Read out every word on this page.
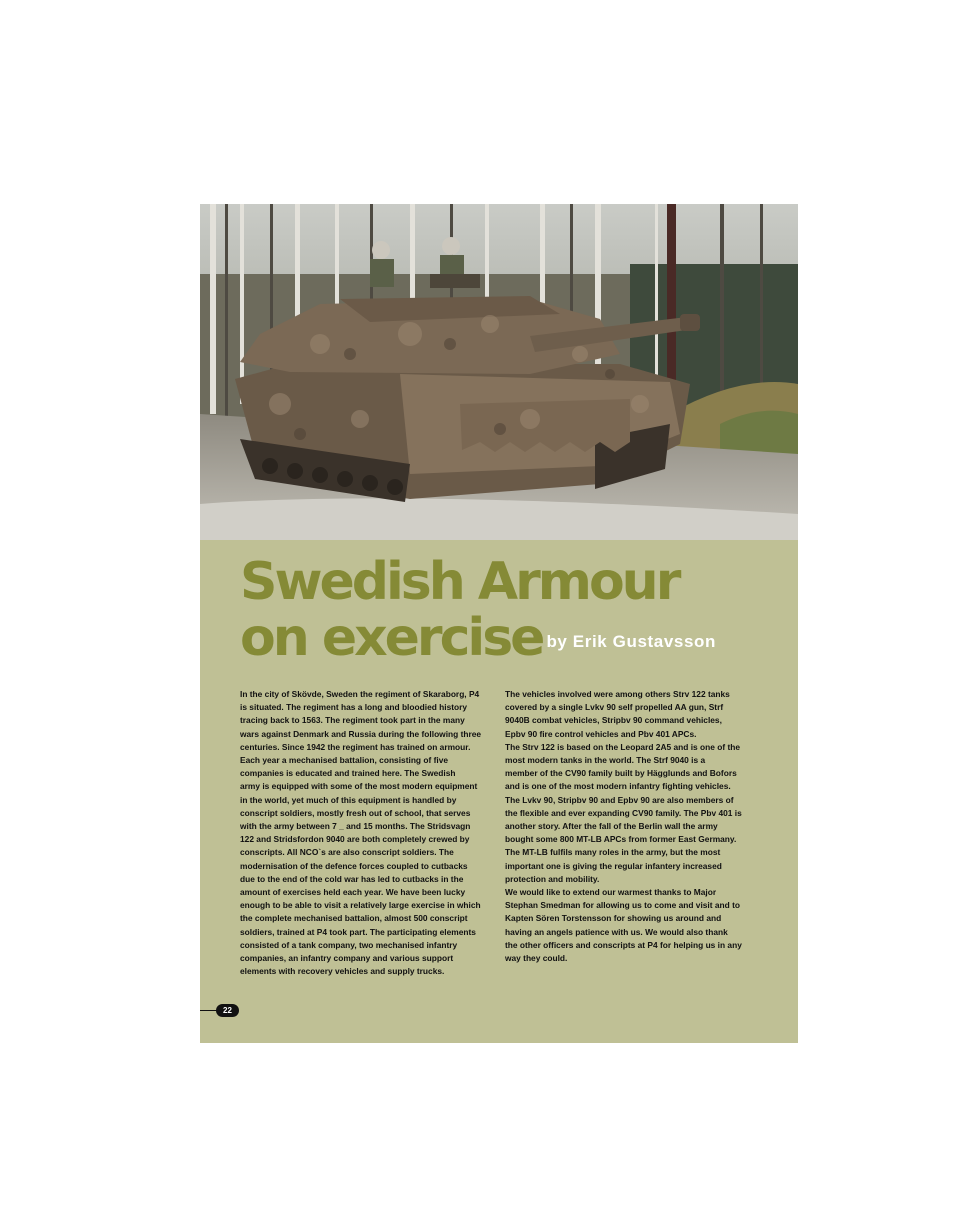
Swedish Armour
on exercise by Erik Gustavsson

In the city of Skövde, Sweden the regiment of Skaraborg, P4
is situated. The regiment has a long and bloodied history
tracing back to 1563. The regiment took part in the many
wars against Denmark and Russia during the following three
centuries. Since 1942 the regiment has trained on armour.
Each year a mechanised battalion, consisting of five
companies is educated and trained here. The Swedish
army is equipped with some of the most modern equipment
in the world, yet much of this equipment is handled by
conscript soldiers, mostly fresh out of school, that serves
with the army between 7 _ and 15 months. The Stridsvagn
122 and Stridsfordon 9040 are both completely crewed by
conscripts. All NCO`s are also conscript soldiers. The
modernisation of the defence forces coupled to cutbacks
due to the end of the cold war has led to cutbacks in the
amount of exercises held each year. We have been lucky
enough to be able to visit a relatively large exercise in which
the complete mechanised battalion, almost 500 conscript
soldiers, trained at P4 took part. The participating elements
consisted of a tank company, two mechanised infantry
companies, an infantry company and various support
elements with recovery vehicles and supply trucks.

The vehicles involved were among others Strv 122 tanks
covered by a single Lvkv 90 self propelled AA gun, Strf
9040B combat vehicles, Stripbv 90 command vehicles,
Epbv 90 fire control vehicles and Pbv 401 APCs.
The Strv 122 is based on the Leopard 2A5 and is one of the
most modern tanks in the world. The Strf 9040 is a
member of the CV90 family built by Hägglunds and Bofors
and is one of the most modern infantry fighting vehicles.
The Lvkv 90, Stripbv 90 and Epbv 90 are also members of
the flexible and ever expanding CV90 family. The Pbv 401 is
another story. After the fall of the Berlin wall the army
bought some 800 MT-LB APCs from former East Germany.
The MT-LB fulfils many roles in the army, but the most
important one is giving the regular infantery increased
protection and mobility.
We would like to extend our warmest thanks to Major
Stephan Smedman for allowing us to come and visit and to
Kapten Sören Torstensson for showing us around and
having an angels patience with us. We would also thank
the other officers and conscripts at P4 for helping us in any
way they could.

22
